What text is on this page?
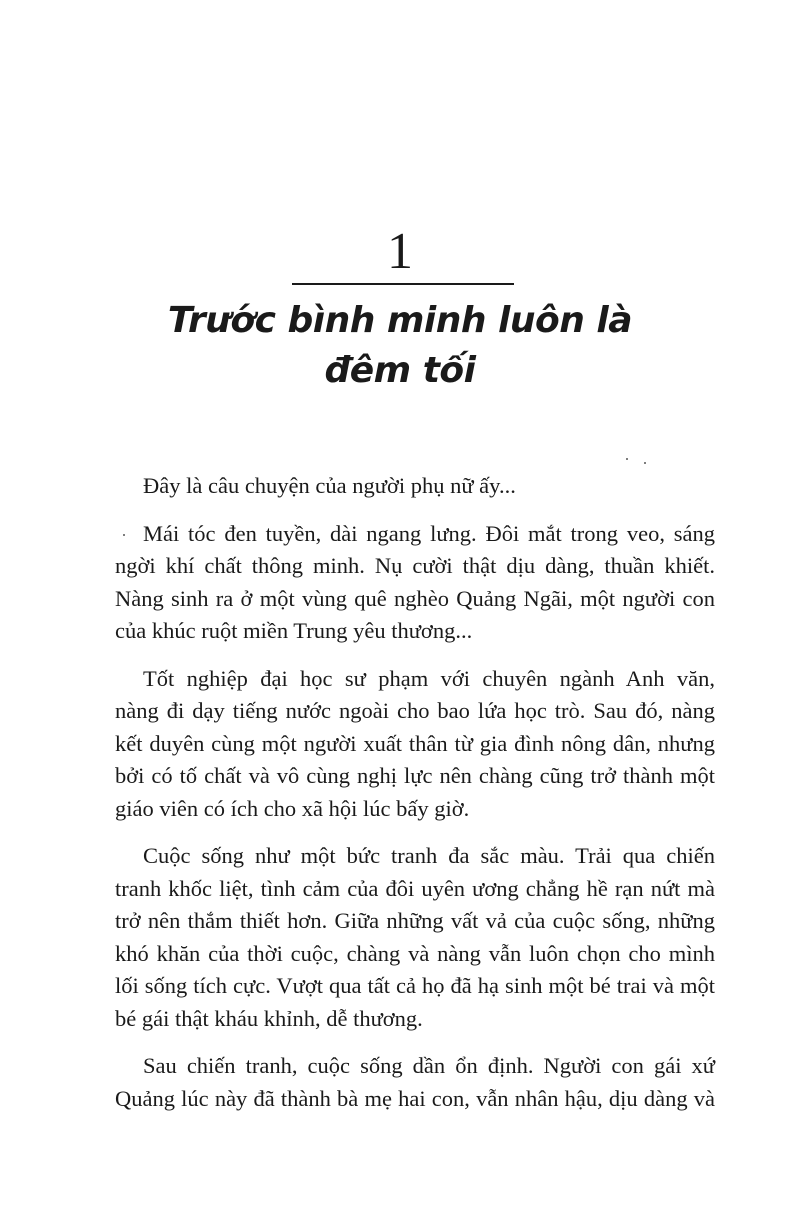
1
Trước bình minh luôn là
đêm tối
Đây là câu chuyện của người phụ nữ ấy...
Mái tóc đen tuyền, dài ngang lưng. Đôi mắt trong veo, sáng
ngời khí chất thông minh. Nụ cười thật dịu dàng, thuần khiết.
Nàng sinh ra ở một vùng quê nghèo Quảng Ngãi, một người con
của khúc ruột miền Trung yêu thương...
Tốt nghiệp đại học sư phạm với chuyên ngành Anh văn,
nàng đi dạy tiếng nước ngoài cho bao lứa học trò. Sau đó, nàng
kết duyên cùng một người xuất thân từ gia đình nông dân, nhưng
bởi có tố chất và vô cùng nghị lực nên chàng cũng trở thành một
giáo viên có ích cho xã hội lúc bấy giờ.
Cuộc sống như một bức tranh đa sắc màu. Trải qua chiến
tranh khốc liệt, tình cảm của đôi uyên ương chẳng hề rạn nứt mà
trở nên thắm thiết hơn. Giữa những vất vả của cuộc sống, những
khó khăn của thời cuộc, chàng và nàng vẫn luôn chọn cho mình
lối sống tích cực. Vượt qua tất cả họ đã hạ sinh một bé trai và một
bé gái thật kháu khỉnh, dễ thương.
Sau chiến tranh, cuộc sống dần ổn định. Người con gái xứ
Quảng lúc này đã thành bà mẹ hai con, vẫn nhân hậu, dịu dàng và
